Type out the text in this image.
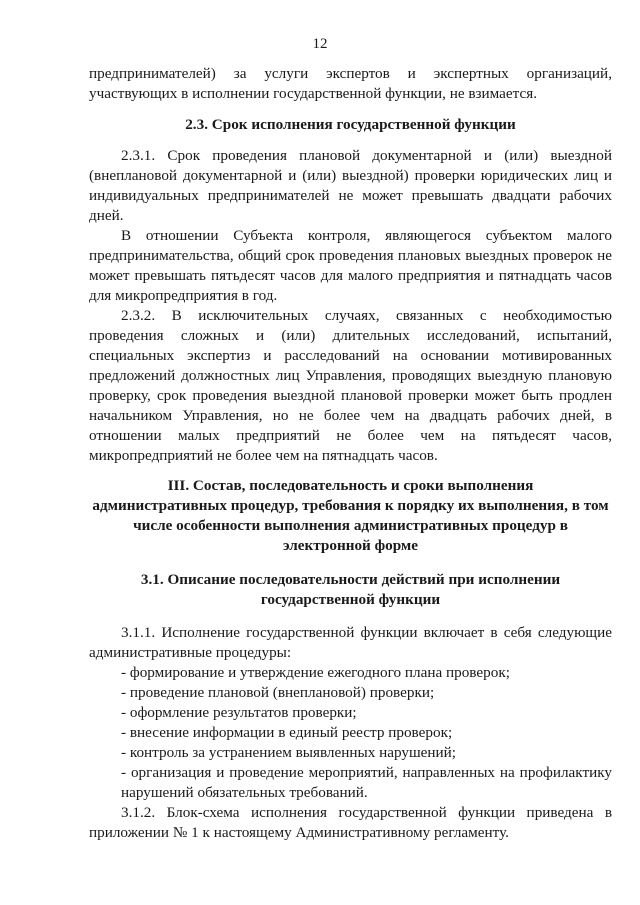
12

предпринимателей) за услуги экспертов и экспертных организаций, участвующих в исполнении государственной функции, не взимается.

2.3. Срок исполнения государственной функции

2.3.1. Срок проведения плановой документарной и (или) выездной (внеплановой документарной и (или) выездной) проверки юридических лиц и индивидуальных предпринимателей не может превышать двадцати рабочих дней.

В отношении Субъекта контроля, являющегося субъектом малого предпринимательства, общий срок проведения плановых выездных проверок не может превышать пятьдесят часов для малого предприятия и пятнадцать часов для микропредприятия в год.

2.3.2. В исключительных случаях, связанных с необходимостью проведения сложных и (или) длительных исследований, испытаний, специальных экспертиз и расследований на основании мотивированных предложений должностных лиц Управления, проводящих выездную плановую проверку, срок проведения выездной плановой проверки может быть продлен начальником Управления, но не более чем на двадцать рабочих дней, в отношении малых предприятий не более чем на пятьдесят часов, микропредприятий не более чем на пятнадцать часов.

III. Состав, последовательность и сроки выполнения
административных процедур, требования к порядку их выполнения, в том
числе особенности выполнения административных процедур в
электронной форме
3.1. Описание последовательности действий при исполнении
государственной функции

3.1.1. Исполнение государственной функции включает в себя следующие административные процедуры:

- формирование и утверждение ежегодного плана проверок;
- проведение плановой (внеплановой) проверки;
- оформление результатов проверки;
- внесение информации в единый реестр проверок;
- контроль за устранением выявленных нарушений;
- организация и проведение мероприятий, направленных на профилактику нарушений обязательных требований.

3.1.2. Блок-схема исполнения государственной функции приведена в приложении № 1 к настоящему Административному регламенту.
